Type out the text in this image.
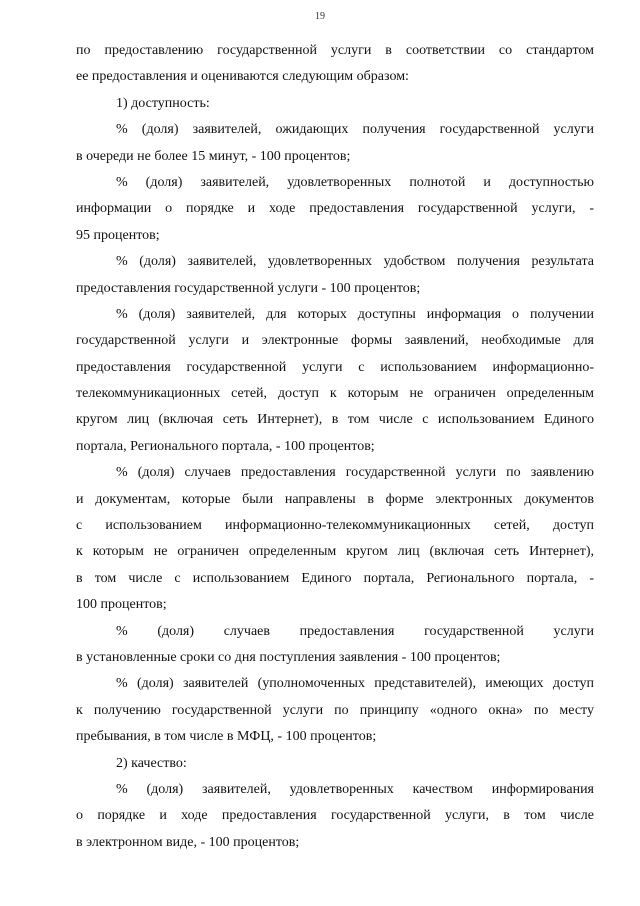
19
по предоставлению государственной услуги в соответствии со стандартом
ее предоставления и оцениваются следующим образом:
1) доступность:
% (доля) заявителей, ожидающих получения государственной услуги
в очереди не более 15 минут, - 100 процентов;
% (доля) заявителей, удовлетворенных полнотой и доступностью
информации о порядке и ходе предоставления государственной услуги, -
95 процентов;
% (доля) заявителей, удовлетворенных удобством получения результата
предоставления государственной услуги - 100 процентов;
% (доля) заявителей, для которых доступны информация о получении
государственной услуги и электронные формы заявлений, необходимые для
предоставления государственной услуги с использованием информационно-
телекоммуникационных сетей, доступ к которым не ограничен определенным
кругом лиц (включая сеть Интернет), в том числе с использованием Единого
портала, Регионального портала, - 100 процентов;
% (доля) случаев предоставления государственной услуги по заявлению
и документам, которые были направлены в форме электронных документов
с использованием информационно-телекоммуникационных сетей, доступ
к которым не ограничен определенным кругом лиц (включая сеть Интернет),
в том числе с использованием Единого портала, Регионального портала, -
100 процентов;
% (доля) случаев предоставления государственной услуги
в установленные сроки со дня поступления заявления - 100 процентов;
% (доля) заявителей (уполномоченных представителей), имеющих доступ
к получению государственной услуги по принципу «одного окна» по месту
пребывания, в том числе в МФЦ, - 100 процентов;
2) качество:
% (доля) заявителей, удовлетворенных качеством информирования
о порядке и ходе предоставления государственной услуги, в том числе
в электронном виде, - 100 процентов;
